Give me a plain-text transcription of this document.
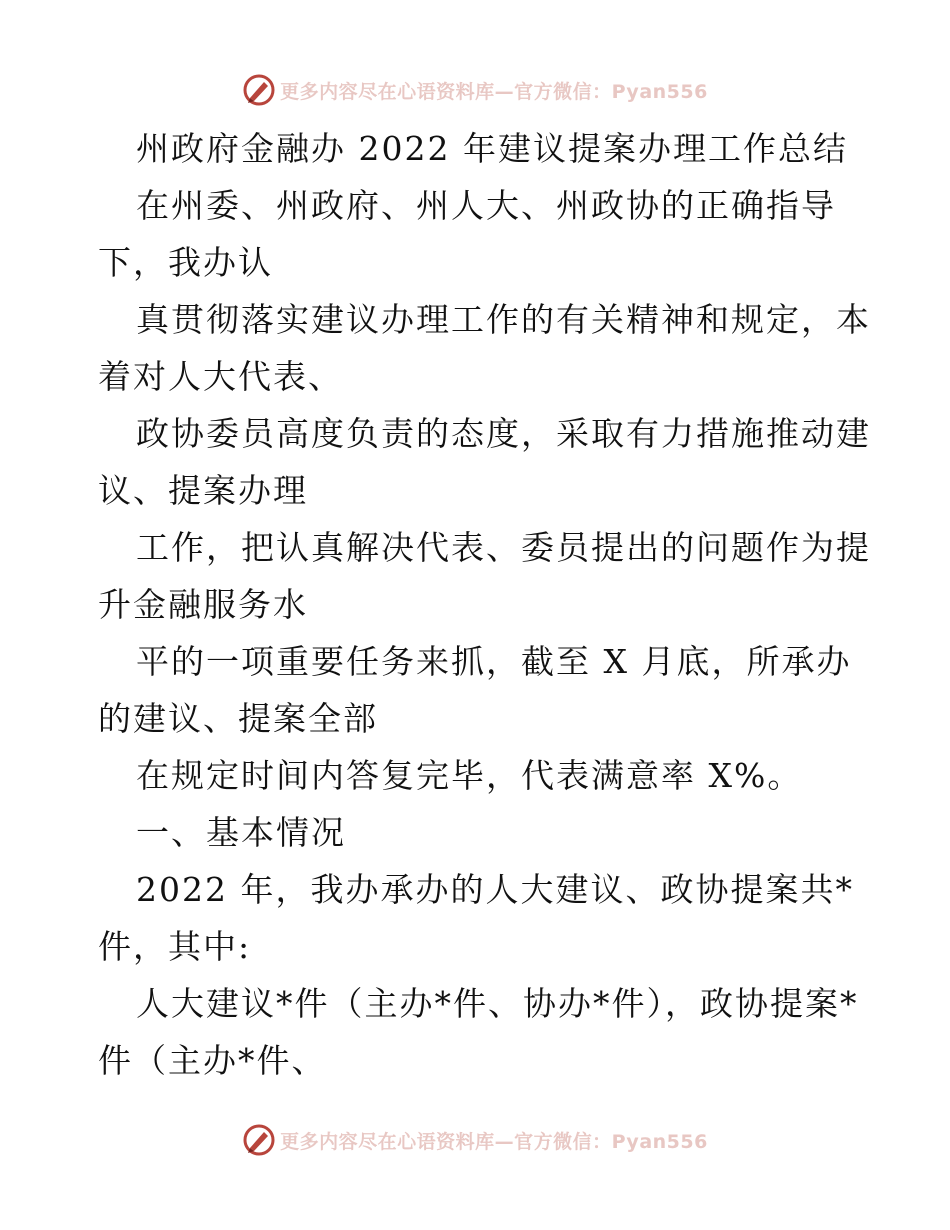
更多内容尽在心语资料库—官方微信：Pyan556
州政府金融办 2022 年建议提案办理工作总结
在州委、州政府、州人大、州政协的正确指导
下，我办认
真贯彻落实建议办理工作的有关精神和规定，本
着对人大代表、
政协委员高度负责的态度，采取有力措施推动建
议、提案办理
工作，把认真解决代表、委员提出的问题作为提
升金融服务水
平的一项重要任务来抓，截至 X 月底，所承办
的建议、提案全部
在规定时间内答复完毕，代表满意率 X%。
一、基本情况
2022 年，我办承办的人大建议、政协提案共*
件，其中:
人大建议*件（主办*件、协办*件），政协提案*
件（主办*件、
更多内容尽在心语资料库—官方微信：Pyan556
